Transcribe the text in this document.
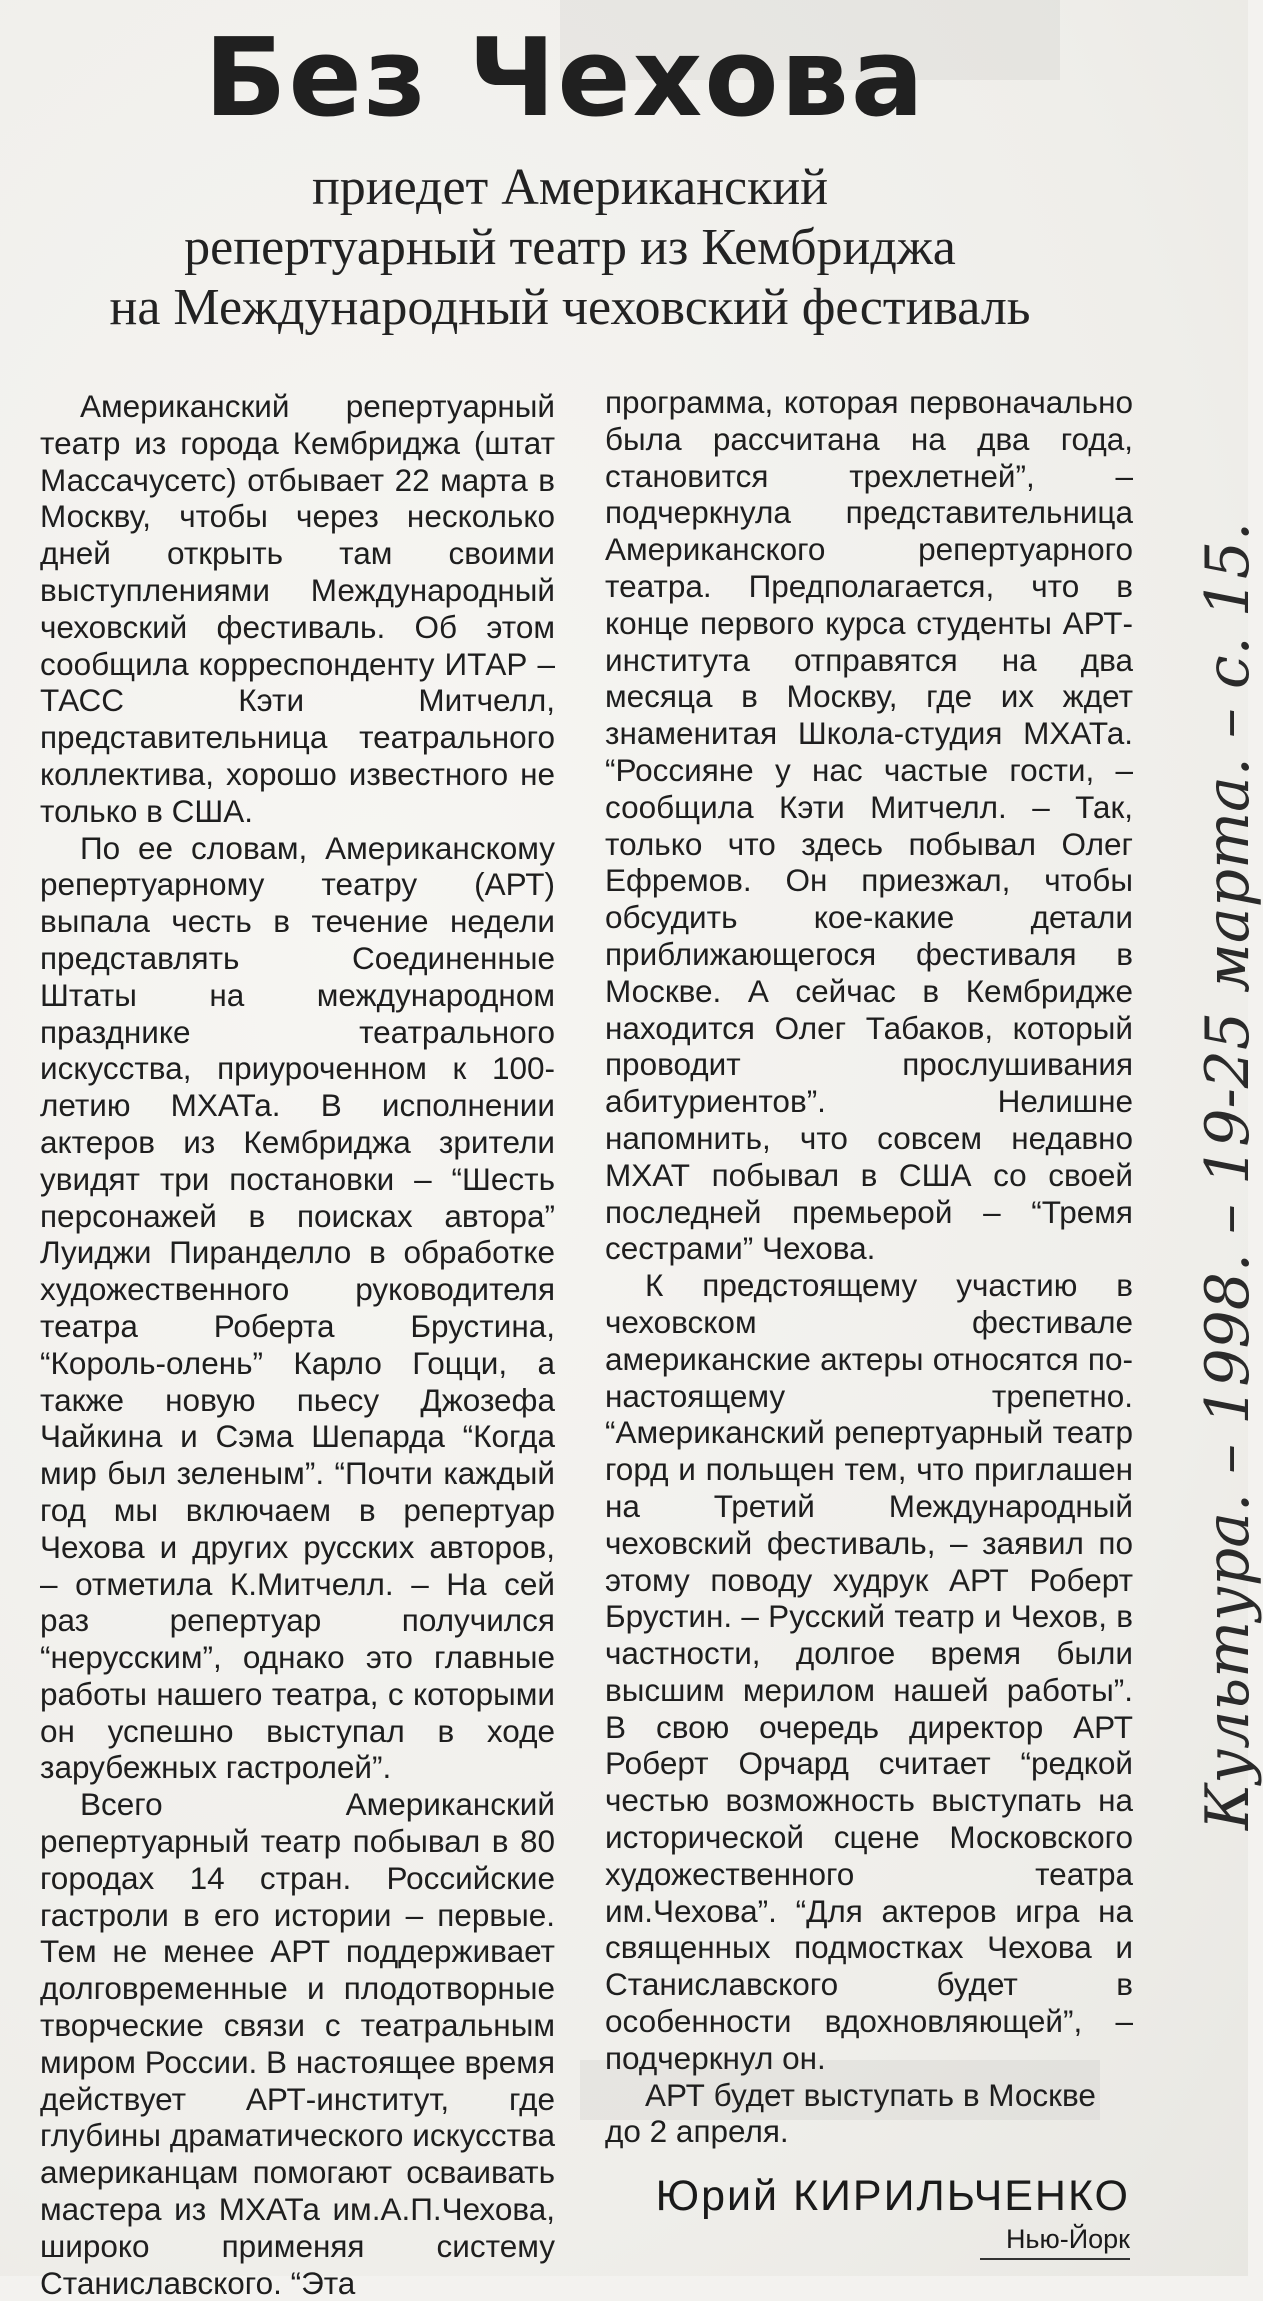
Без Чехова
приедет Американский
репертуарный театр из Кембриджа
на Международный чеховский фестиваль

Американский репертуарный театр из города Кембриджа (штат Массачусетс) отбывает 22 марта в Москву, чтобы через несколько дней открыть там своими выступлениями Международный чеховский фестиваль. Об этом сообщила корреспонденту ИТАР – ТАСС Кэти Митчелл, представительница театрального коллектива, хорошо известного не только в США.

По ее словам, Американскому репертуарному театру (АРТ) выпала честь в течение недели представлять Соединенные Штаты на международном празднике театрального искусства, приуроченном к 100-летию МХАТа. В исполнении актеров из Кембриджа зрители увидят три постановки – “Шесть персонажей в поисках автора” Луиджи Пиранделло в обработке художественного руководителя театра Роберта Брустина, “Король-олень” Карло Гоцци, а также новую пьесу Джозефа Чайкина и Сэма Шепарда “Когда мир был зеленым”. “Почти каждый год мы включаем в репертуар Чехова и других русских авторов, – отметила К.Митчелл. – На сей раз репертуар получился “нерусским”, однако это главные работы нашего театра, с которыми он успешно выступал в ходе зарубежных гастролей”.

Всего Американский репертуарный театр побывал в 80 городах 14 стран. Российские гастроли в его истории – первые. Тем не менее АРТ поддерживает долговременные и плодотворные творческие связи с театральным миром России. В настоящее время действует АРТ-институт, где глубины драматического искусства американцам помогают осваивать мастера из МХАТа им.А.П.Чехова, широко применяя систему Станиславского. “Эта

программа, которая первоначально была рассчитана на два года, становится трехлетней”, – подчеркнула представительница Американского репертуарного театра. Предполагается, что в конце первого курса студенты АРТ-института отправятся на два месяца в Москву, где их ждет знаменитая Школа-студия МХАТа. “Россияне у нас частые гости, – сообщила Кэти Митчелл. – Так, только что здесь побывал Олег Ефремов. Он приезжал, чтобы обсудить кое-какие детали приближающегося фестиваля в Москве. А сейчас в Кембридже находится Олег Табаков, который проводит прослушивания абитуриентов”. Нелишне напомнить, что совсем недавно МХАТ побывал в США со своей последней премьерой – “Тремя сестрами” Чехова.

К предстоящему участию в чеховском фестивале американские актеры относятся по-настоящему трепетно. “Американский репертуарный театр горд и польщен тем, что приглашен на Третий Международный чеховский фестиваль, – заявил по этому поводу худрук АРТ Роберт Брустин. – Русский театр и Чехов, в частности, долгое время были высшим мерилом нашей работы”. В свою очередь директор АРТ Роберт Орчард считает “редкой честью возможность выступать на исторической сцене Московского художественного театра им.Чехова”. “Для актеров игра на священных подмостках Чехова и Станиславского будет в особенности вдохновляющей”, – подчеркнул он.

АРТ будет выступать в Москве до 2 апреля.

Юрий КИРИЛЬЧЕНКО
Нью-Йорк
Культура. – 1998. – 19-25 марта. – с. 15.
